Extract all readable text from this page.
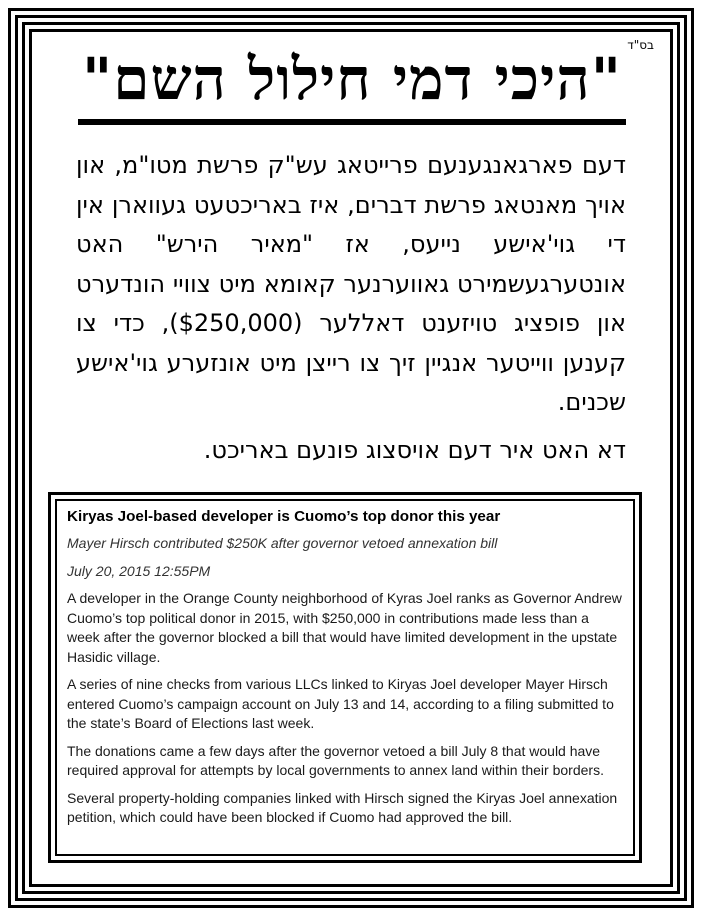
בס"ד
"היכי דמי חילול השם"

דעם פארגאנגענעם פרייטאג עש"ק פרשת מטו"מ, און אויך מאנטאג פרשת דברים, איז באריכטעט געווארן אין די גוי'אישע נייעס, אז "מאיר הירש" האט אונטערגעשמירט גאווערנער קאומא מיט צוויי הונדערט און פופציג טויזענט דאללער ($250,000), כדי צו קענען ווייטער אנגיין זיך צו רייצן מיט אונזערע גוי'אישע שכנים.

דא האט איר דעם אויסצוג פונעם באריכט.

Kiryas Joel-based developer is Cuomo’s top donor this year

Mayer Hirsch contributed $250K after governor vetoed annexation bill

July 20, 2015 12:55PM

A developer in the Orange County neighborhood of Kyras Joel ranks as Governor Andrew Cuomo’s top political donor in 2015, with $250,000 in contributions made less than a week after the governor blocked a bill that would have limited development in the upstate Hasidic village.

A series of nine checks from various LLCs linked to Kiryas Joel developer Mayer Hirsch entered Cuomo’s campaign account on July 13 and 14, according to a filing submitted to the state’s Board of Elections last week.

The donations came a few days after the governor vetoed a bill July 8 that would have required approval for attempts by local governments to annex land within their borders.

Several property-holding companies linked with Hirsch signed the Kiryas Joel annexation petition, which could have been blocked if Cuomo had approved the bill.
